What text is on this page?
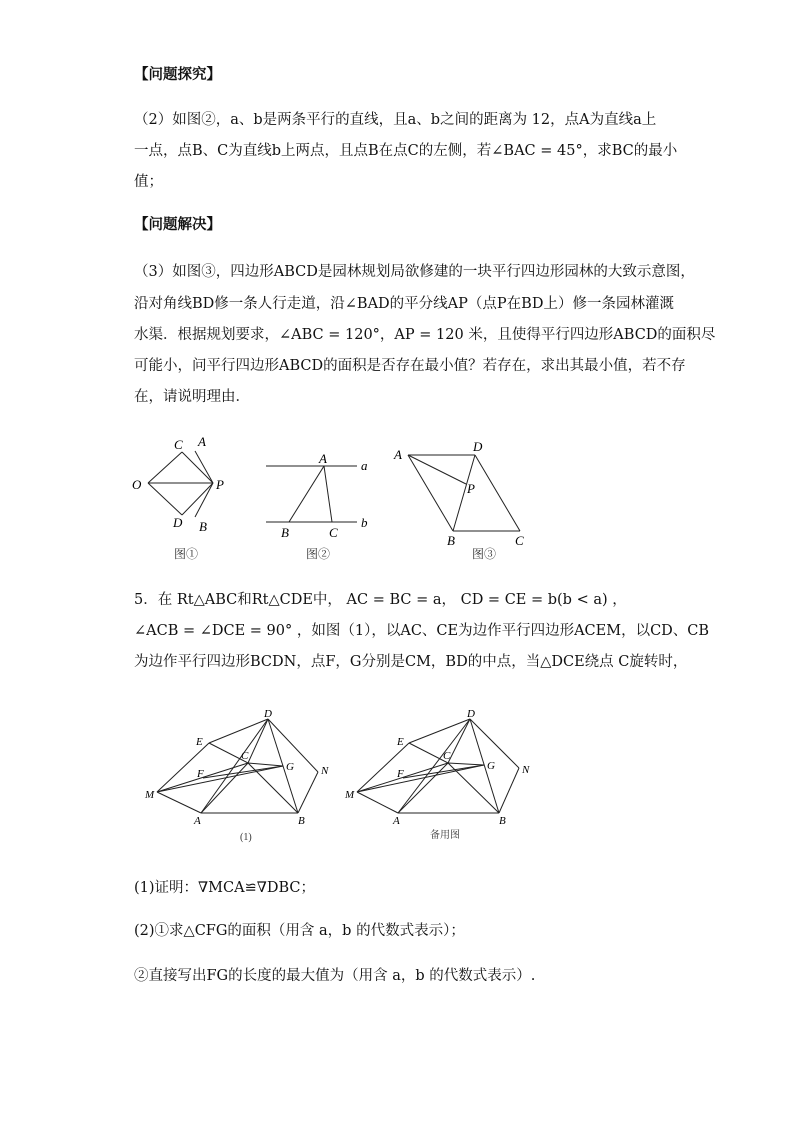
【问题探究】
（2）如图②，a、b是两条平行的直线，且a、b之间的距离为 12，点A为直线a上
一点，点B、C为直线b上两点，且点B在点C的左侧，若∠BAC = 45°，求BC的最小
值；
【问题解决】
（3）如图③，四边形ABCD是园林规划局欲修建的一块平行四边形园林的大致示意图，
沿对角线BD修一条人行走道，沿∠BAD的平分线AP（点P在BD上）修一条园林灌溉
水渠．根据规划要求，∠ABC = 120°，AP = 120 米，且使得平行四边形ABCD的面积尽
可能小，问平行四边形ABCD的面积是否存在最小值？若存在，求出其最小值，若不存
在，请说明理由．
C A
O	P
D B
图①
A	a
B	C
b
图②
A
D
P
B	C
图③
5．在 Rt△ABC和Rt△CDE中， AC = BC = a， CD = CE = b(b < a) ，
∠ACB = ∠DCE = 90° ，如图（1），以AC、CE为边作平行四边形ACEM，以CD、CB
为边作平行四边形BCDN，点F，G分别是CM，BD的中点，当△DCE绕点 C旋转时，
D
E
C
G N
F
M
A	B
(1)
D
E
C
G N
F
M
A	B
备用图
(1)证明：∇MCA≌∇DBC；
(2)①求△CFG的面积（用含 a，b 的代数式表示）；
②直接写出FG的长度的最大值为（用含 a，b 的代数式表示）.
